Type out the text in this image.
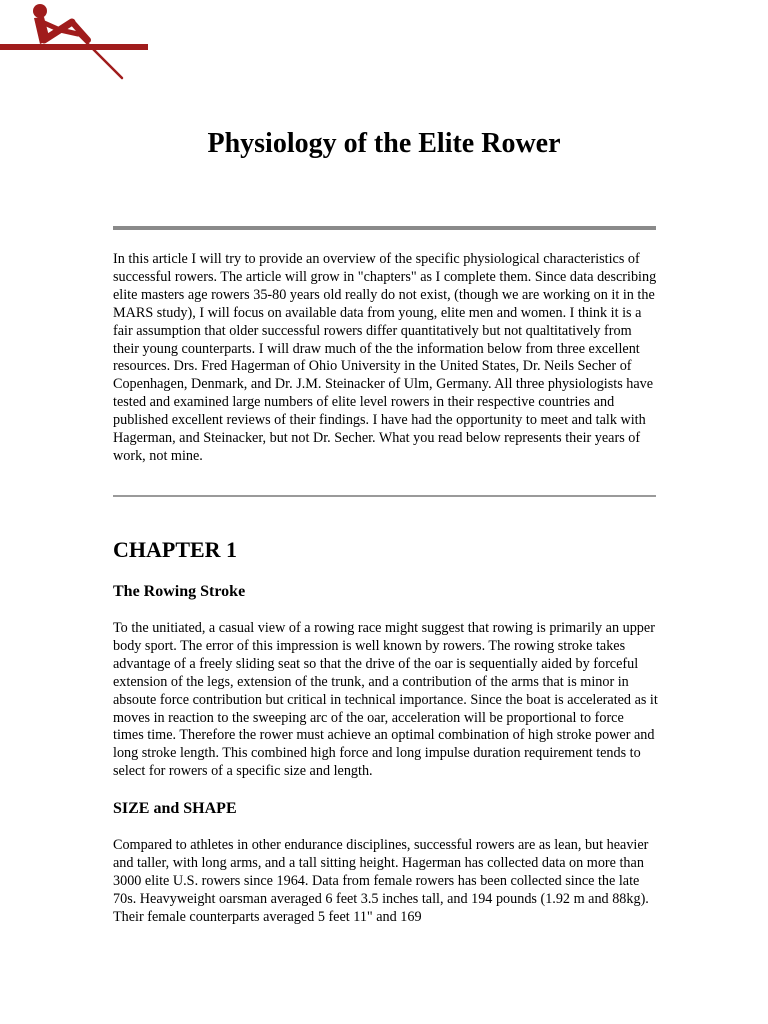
Physiology of the Elite Rower

In this article I will try to provide an overview of the specific physiological characteristics of successful rowers. The article will grow in "chapters" as I complete them. Since data describing elite masters age rowers 35-80 years old really do not exist, (though we are working on it in the MARS study), I will focus on available data from young, elite men and women. I think it is a fair assumption that older successful rowers differ quantitatively but not qualtitatively from their young counterparts. I will draw much of the the information below from three excellent resources. Drs. Fred Hagerman of Ohio University in the United States, Dr. Neils Secher of Copenhagen, Denmark, and Dr. J.M. Steinacker of Ulm, Germany. All three physiologists have tested and examined large numbers of elite level rowers in their respective countries and published excellent reviews of their findings. I have had the opportunity to meet and talk with Hagerman, and Steinacker, but not Dr. Secher. What you read below represents their years of work, not mine.

CHAPTER 1
The Rowing Stroke

To the unitiated, a casual view of a rowing race might suggest that rowing is primarily an upper body sport. The error of this impression is well known by rowers. The rowing stroke takes advantage of a freely sliding seat so that the drive of the oar is sequentially aided by forceful extension of the legs, extension of the trunk, and a contribution of the arms that is minor in absoute force contribution but critical in technical importance. Since the boat is accelerated as it moves in reaction to the sweeping arc of the oar, acceleration will be proportional to force times time. Therefore the rower must achieve an optimal combination of high stroke power and long stroke length. This combined high force and long impulse duration requirement tends to select for rowers of a specific size and length.

SIZE and SHAPE

Compared to athletes in other endurance disciplines, successful rowers are as lean, but heavier and taller, with long arms, and a tall sitting height. Hagerman has collected data on more than 3000 elite U.S. rowers since 1964. Data from female rowers has been collected since the late 70s. Heavyweight oarsman averaged 6 feet 3.5 inches tall, and 194 pounds (1.92 m and 88kg). Their female counterparts averaged 5 feet 11" and 169
